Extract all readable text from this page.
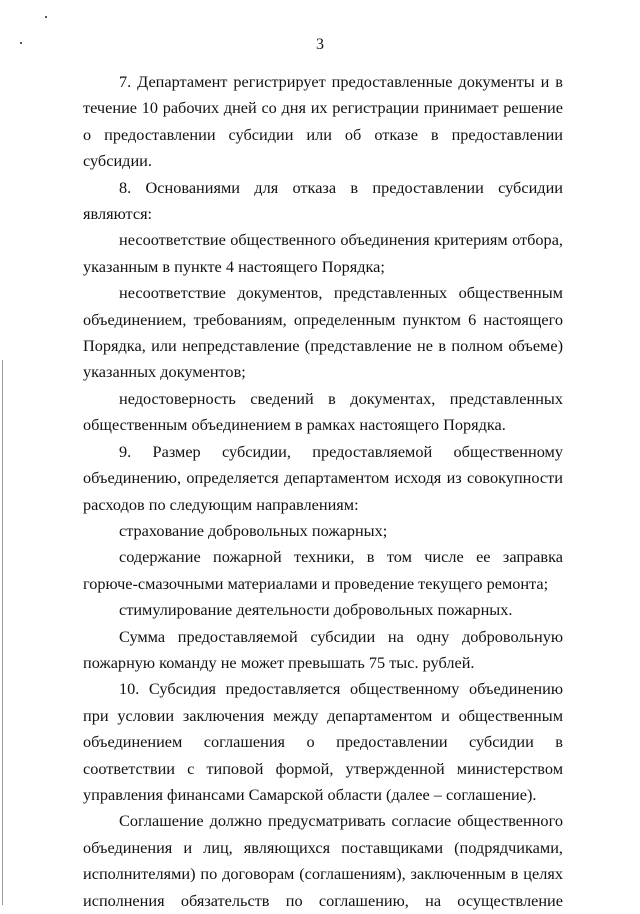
3

7. Департамент регистрирует предоставленные документы и в течение 10 рабочих дней со дня их регистрации принимает решение о предоставлении субсидии или об отказе в предоставлении субсидии.

8. Основаниями для отказа в предоставлении субсидии являются:

несоответствие общественного объединения критериям отбора, указанным в пункте 4 настоящего Порядка;

несоответствие документов, представленных общественным объединением, требованиям, определенным пунктом 6 настоящего Порядка, или непредставление (представление не в полном объеме) указанных документов;

недостоверность сведений в документах, представленных общественным объединением в рамках настоящего Порядка.

9. Размер субсидии, предоставляемой общественному объединению, определяется департаментом исходя из совокупности расходов по следующим направлениям:

страхование добровольных пожарных;

содержание пожарной техники, в том числе ее заправка горюче-смазочными материалами и проведение текущего ремонта;

стимулирование деятельности добровольных пожарных.

Сумма предоставляемой субсидии на одну добровольную пожарную команду не может превышать 75 тыс. рублей.

10. Субсидия предоставляется общественному объединению при условии заключения между департаментом и общественным объединением соглашения о предоставлении субсидии в соответствии с типовой формой, утвержденной министерством управления финансами Самарской области (далее – соглашение).

Соглашение должно предусматривать согласие общественного объединения и лиц, являющихся поставщиками (подрядчиками, исполнителями) по договорам (соглашениям), заключенным в целях исполнения обязательств по соглашению, на осуществление
